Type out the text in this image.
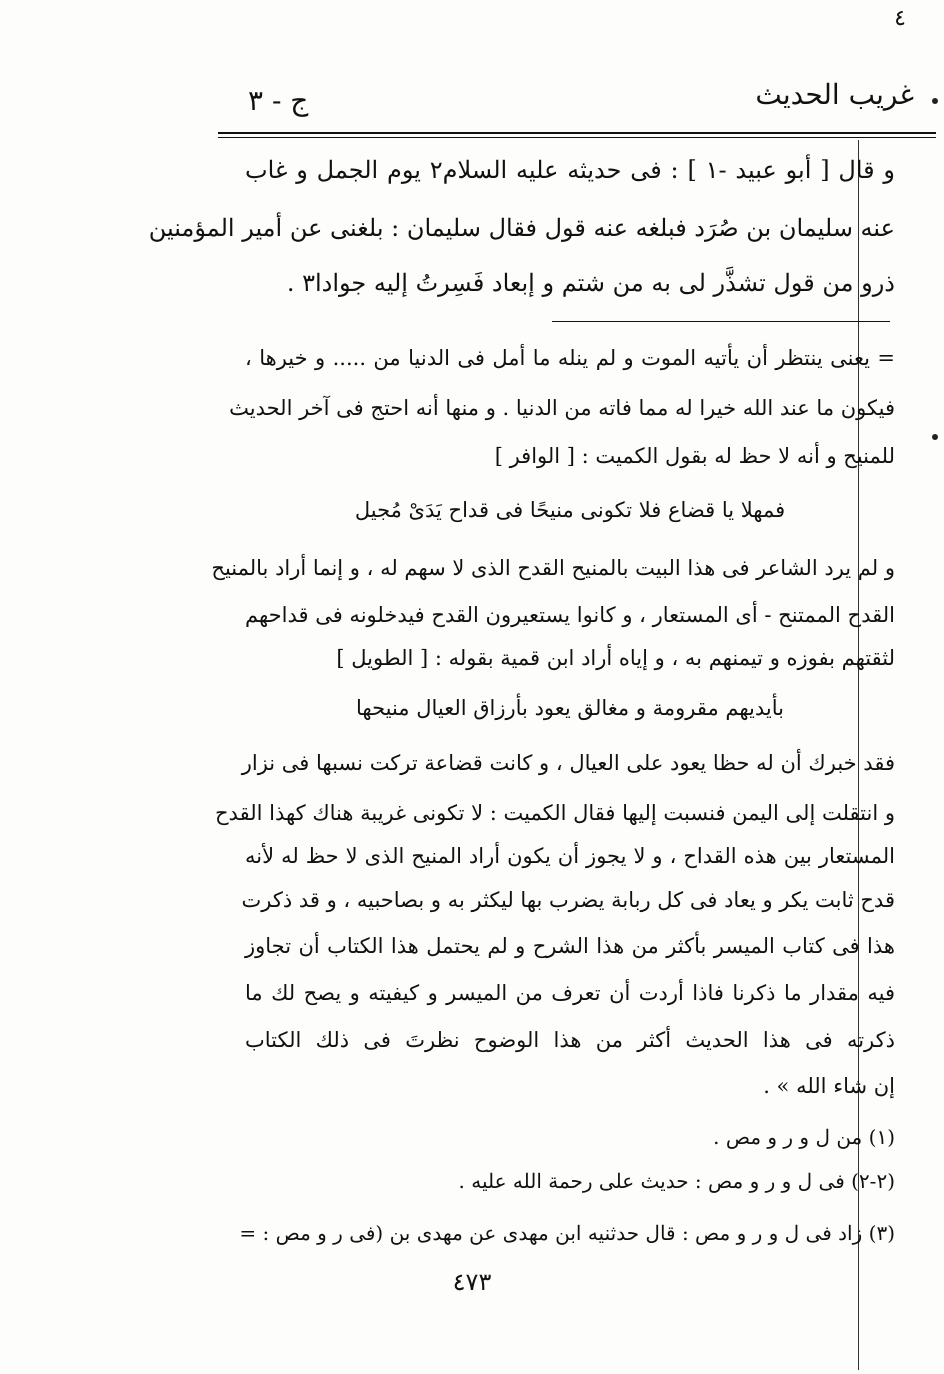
٤
غريب الحديث
ج - ٣
و قال [ أبو عبيد -١ ] : فى حديثه عليه السلام٢ يوم الجمل و غاب
عنه سليمان بن صُرَد فبلغه عنه قول فقال سليمان : بلغنى عن أمير المؤمنين
ذرو من قول تشذَّر لى به من شتم و إبعاد فَسِرتُ إليه جوادا٣ .
= يعنى ينتظر أن يأتيه الموت و لم ينله ما أمل فى الدنيا من ..... و خيرها ،
فيكون ما عند الله خيرا له مما فاته من الدنيا . و منها أنه احتج فى آخر الحديث
للمنيح و أنه لا حظ له بقول الكميت : [ الوافر ]
فمهلا يا قضاع فلا تكونى منيحًا فى قداح يَدَىْ مُجيل
و لم يرد الشاعر فى هذا البيت بالمنيح القدح الذى لا سهم له ، و إنما أراد بالمنيح
القدح الممتنح - أى المستعار ، و كانوا يستعيرون القدح فيدخلونه فى قداحهم
لثقتهم بفوزه و تيمنهم به ، و إياه أراد ابن قمية بقوله : [ الطويل ]
بأيديهم مقرومة و مغالق يعود بأرزاق العيال منيحها
فقد خبرك أن له حظا يعود على العيال ، و كانت قضاعة تركت نسبها فى نزار
و انتقلت إلى اليمن فنسبت إليها فقال الكميت : لا تكونى غريبة هناك كهذا القدح
المستعار بين هذه القداح ، و لا يجوز أن يكون أراد المنيح الذى لا حظ له لأنه
قدح ثابت يكر و يعاد فى كل ربابة يضرب بها ليكثر به و بصاحبيه ، و قد ذكرت
هذا فى كتاب الميسر بأكثر من هذا الشرح و لم يحتمل هذا الكتاب أن تجاوز
فيه مقدار ما ذكرنا فاذا أردت أن تعرف من الميسر و كيفيته و يصح لك ما
ذكرته فى هذا الحديث أكثر من هذا الوضوح نظرتَ فى ذلك الكتاب
إن شاء الله » .
(١) من ل و ر و مص .
(٢-٢) فى ل و ر و مص : حديث على رحمة الله عليه .
(٣) زاد فى ل و ر و مص : قال حدثنيه ابن مهدى عن مهدى بن (فى ر و مص : =
٤٧٣
